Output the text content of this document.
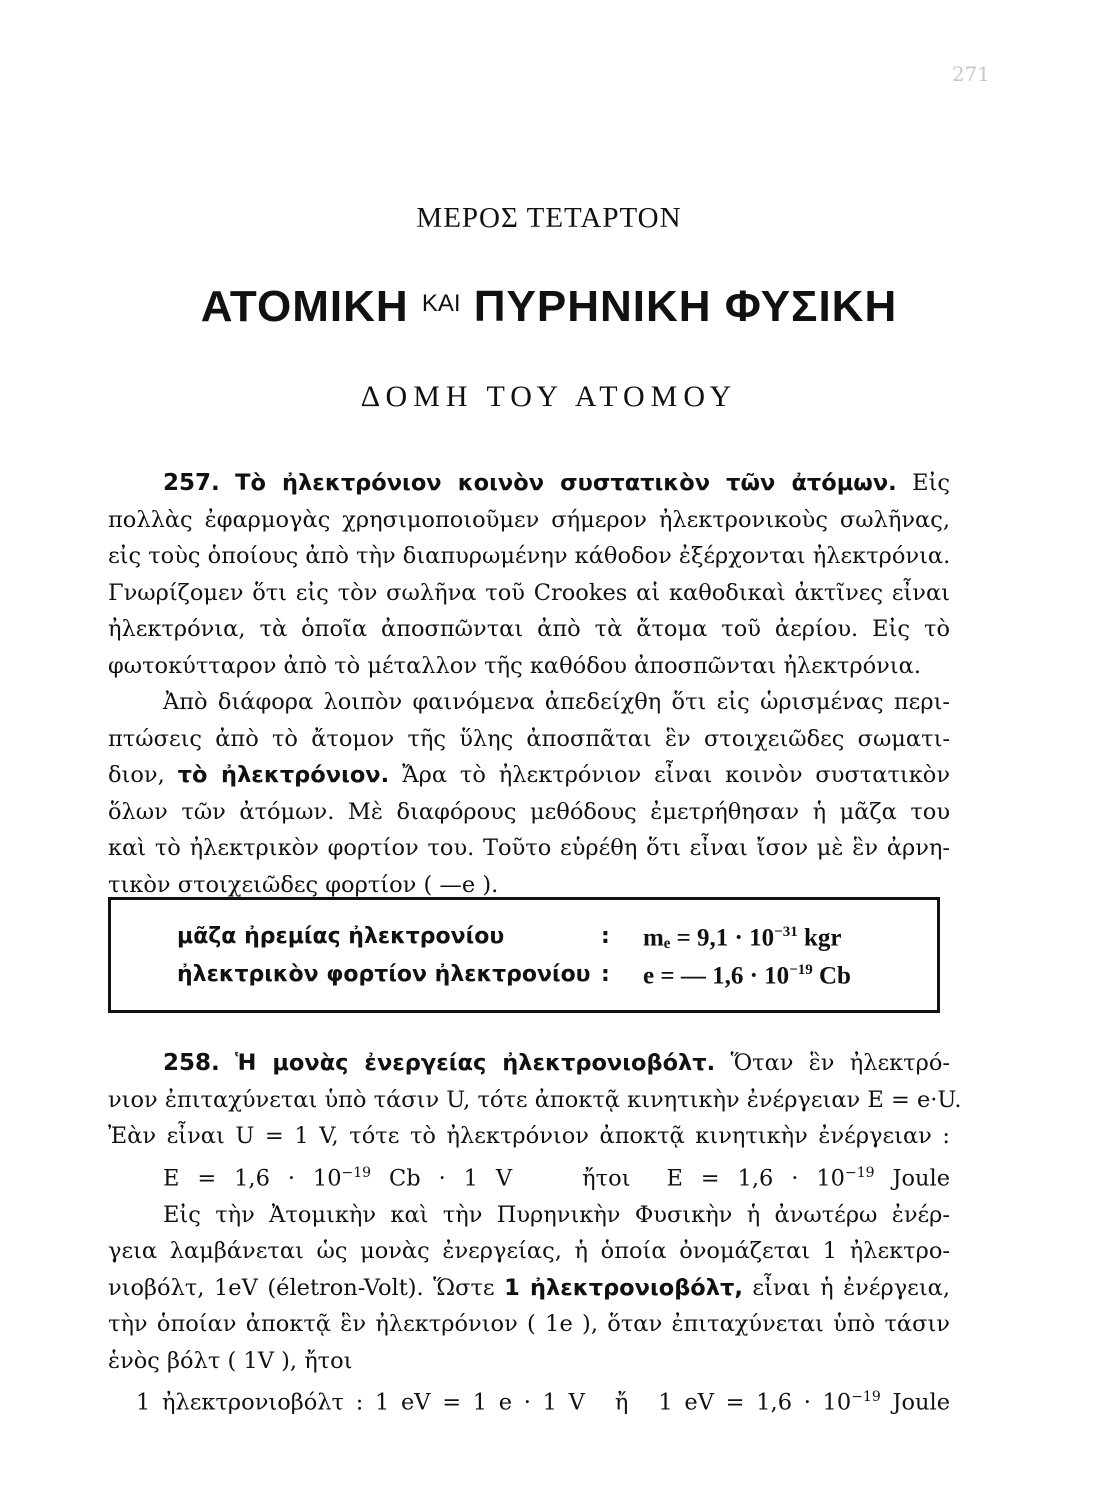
271
ΜΕΡΟΣ ΤΕΤΑΡΤΟΝ
ΑΤΟΜΙΚΗ $^{KAI}$ ΠΥΡΗΝΙΚΗ ΦΥΣΙΚΗ
ΔΟΜΗ ΤΟΥ ΑΤΟΜΟΥ
257. Τὸ ἠλεκτρόνιον κοινὸν συστατικὸν τῶν ἀτόμων. Εἰς
πολλὰς ἐφαρμογὰς χρησιμοποιοῦμεν σήμερον ἠλεκτρονικοὺς σωλῆνας,
εἰς τοὺς ὁποίους ἀπὸ τὴν διαπυρωμένην κάθοδον ἐξέρχονται ἠλεκτρόνια.
Γνωρίζομεν ὅτι εἰς τὸν σωλῆνα τοῦ Crookes αἱ καθοδικαὶ ἀκτῖνες εἶναι
ἠλεκτρόνια, τὰ ὁποῖα ἀποσπῶνται ἀπὸ τὰ ἄτομα τοῦ ἀερίου. Εἰς τὸ
φωτοκύτταρον ἀπὸ τὸ μέταλλον τῆς καθόδου ἀποσπῶνται ἠλεκτρόνια.
Ἀπὸ διάφορα λοιπὸν φαινόμενα ἀπεδείχθη ὅτι εἰς ὡρισμένας περι-
πτώσεις ἀπὸ τὸ ἄτομον τῆς ὕλης ἀποσπᾶται ἓν στοιχειῶδες σωματι-
διον, τὸ ἠλεκτρόνιον. Ἄρα τὸ ἠλεκτρόνιον εἶναι κοινὸν συστατικὸν
ὅλων τῶν ἀτόμων. Μὲ διαφόρους μεθόδους ἐμετρήθησαν ἡ μᾶζα του
καὶ τὸ ἠλεκτρικὸν φορτίον του. Τοῦτο εὑρέθη ὅτι εἶναι ἴσον μὲ ἓν ἀρνη-
τικὸν στοιχειῶδες φορτίον ( —e ).
μᾶζα ἠρεμίας ἠλεκτρονίου	: $m_e = 9,1 \cdot 10^{-31}$ kgr
ἠλεκτρικὸν φορτίον ἠλεκτρονίου : e = — $1,6 \cdot 10^{-19}$ Cb
258. Ἡ μονὰς ἐνεργείας ἠλεκτρονιοβόλτ. Ὅταν ἓν ἠλεκτρό-
νιον ἐπιταχύνεται ὑπὸ τάσιν U, τότε ἀποκτᾷ κινητικὴν ἐνέργειαν E = e·U.
Ἐὰν εἶναι U = 1 V, τότε τὸ ἠλεκτρόνιον ἀποκτᾷ κινητικὴν ἐνέργειαν :
$E = 1,6 \cdot 10^{-19}$ Cb · 1 V	ἤτοι $E = 1,6 \cdot 10^{-19}$ Joule
Εἰς τὴν Ἀτομικὴν καὶ τὴν Πυρηνικὴν Φυσικὴν ἡ ἀνωτέρω ἐνέρ-
γεια λαμβάνεται ὡς μονὰς ἐνεργείας, ἡ ὁποία ὀνομάζεται 1 ἠλεκτρο-
νιοβόλτ, 1eV (életron-Volt). Ὥστε 1 ἠλεκτρονιοβόλτ, εἶναι ἡ ἐνέργεια,
τὴν ὁποίαν ἀποκτᾷ ἓν ἠλεκτρόνιον ( 1e ), ὅταν ἐπιταχύνεται ὑπὸ τάσιν
ἑνὸς βόλτ ( 1V ), ἤτοι
1 ἠλεκτρονιοβόλτ : 1 eV = 1 e · 1 V ἤ 1 eV = $1,6 \cdot 10^{-19}$ Joule
